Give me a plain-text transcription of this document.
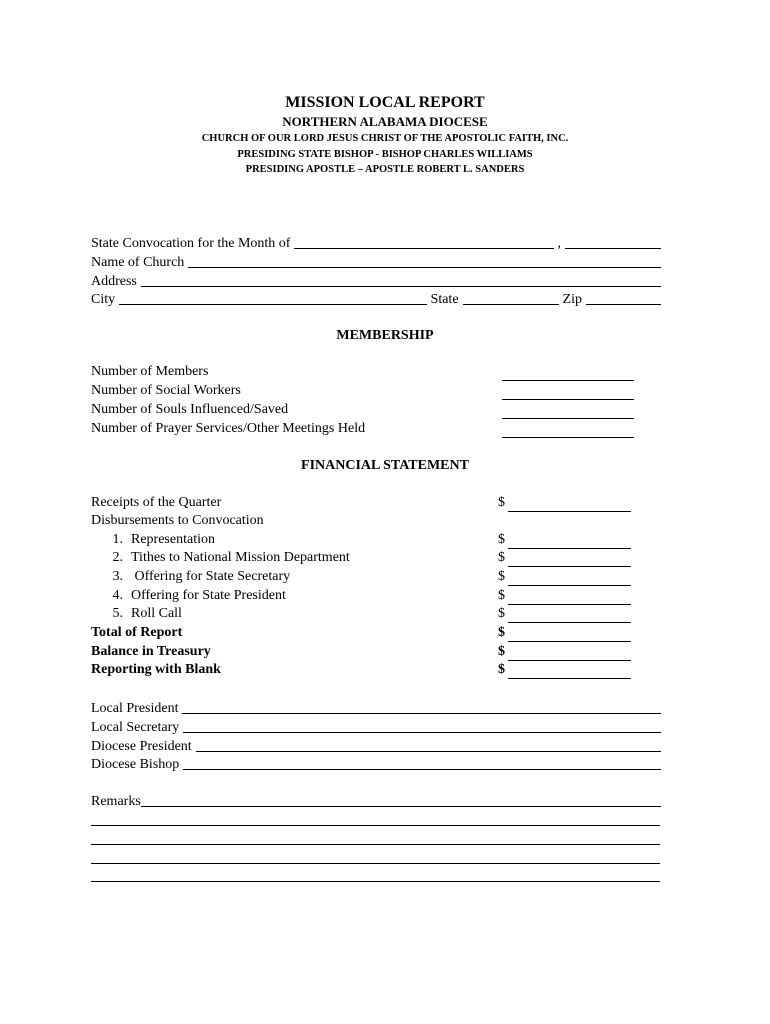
MISSION LOCAL REPORT
NORTHERN ALABAMA DIOCESE
CHURCH OF OUR LORD JESUS CHRIST OF THE APOSTOLIC FAITH, INC.
PRESIDING STATE BISHOP - BISHOP CHARLES WILLIAMS
PRESIDING APOSTLE – APOSTLE ROBERT L. SANDERS
State Convocation for the Month of	,
Name of Church
Address
City	State	Zip
MEMBERSHIP
Number of Members
Number of Social Workers
Number of Souls Influenced/Saved
Number of Prayer Services/Other Meetings Held
FINANCIAL STATEMENT
Receipts of the Quarter	$
Disbursements to Convocation
1. Representation	$
2. Tithes to National Mission Department	$
3. Offering for State Secretary	$
4. Offering for State President	$
5. Roll Call	$
Total of Report	$
Balance in Treasury	$
Reporting with Blank	$
Local President
Local Secretary
Diocese President
Diocese Bishop
Remarks
